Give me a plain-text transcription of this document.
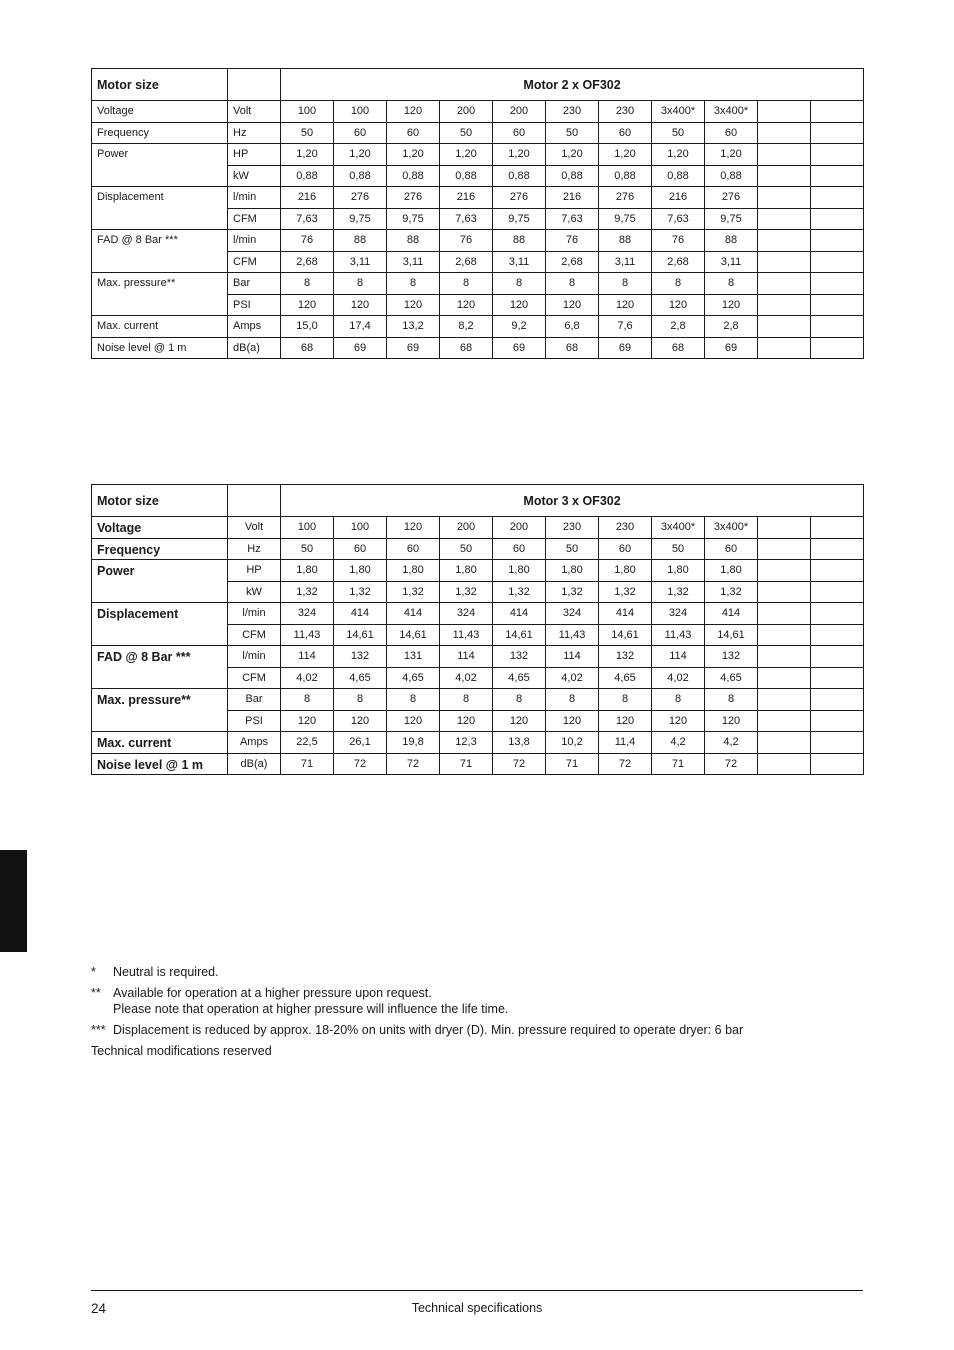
Motor size		Motor 2 x OF302										
Voltage	Volt	100	100	120	200	200	230	230	3x400*	3x400*		
Frequency	Hz	50	60	60	50	60	50	60	50	60		
Power	HP	1,20	1,20	1,20	1,20	1,20	1,20	1,20	1,20	1,20		
	kW	0,88	0,88	0,88	0,88	0,88	0,88	0,88	0,88	0,88		
Displacement	l/min	216	276	276	216	276	216	276	216	276		
	CFM	7,63	9,75	9,75	7,63	9,75	7,63	9,75	7,63	9,75		
FAD @ 8 Bar ***	l/min	76	88	88	76	88	76	88	76	88		
	CFM	2,68	3,11	3,11	2,68	3,11	2,68	3,11	2,68	3,11		
Max. pressure**	Bar	8	8	8	8	8	8	8	8	8		
	PSI	120	120	120	120	120	120	120	120	120		
Max. current	Amps	15,0	17,4	13,2	8,2	9,2	6,8	7,6	2,8	2,8		
Noise level @ 1 m	dB(a)	68	69	69	68	69	68	69	68	69		
Motor size		Motor 3 x OF302										
Voltage	Volt	100	100	120	200	200	230	230	3x400*	3x400*		
Frequency	Hz	50	60	60	50	60	50	60	50	60		
Power	HP	1,80	1,80	1,80	1,80	1,80	1,80	1,80	1,80	1,80		
	kW	1,32	1,32	1,32	1,32	1,32	1,32	1,32	1,32	1,32		
Displacement	l/min	324	414	414	324	414	324	414	324	414		
	CFM	11,43	14,61	14,61	11,43	14,61	11,43	14,61	11,43	14,61		
FAD @ 8 Bar ***	l/min	114	132	131	114	132	114	132	114	132		
	CFM	4,02	4,65	4,65	4,02	4,65	4,02	4,65	4,02	4,65		
Max. pressure**	Bar	8	8	8	8	8	8	8	8	8		
	PSI	120	120	120	120	120	120	120	120	120		
Max. current	Amps	22,5	26,1	19,8	12,3	13,8	10,2	11,4	4,2	4,2		
Noise level @ 1 m	dB(a)	71	72	72	71	72	71	72	71	72		
*	Neutral is required.
** Available for operation at a higher pressure upon request.
Please note that operation at higher pressure will influence the life time.
*** Displacement is reduced by approx. 18-20% on units with dryer (D). Min. pressure required to operate dryer: 6 bar
Technical modifications reserved
24	Technical specifications
